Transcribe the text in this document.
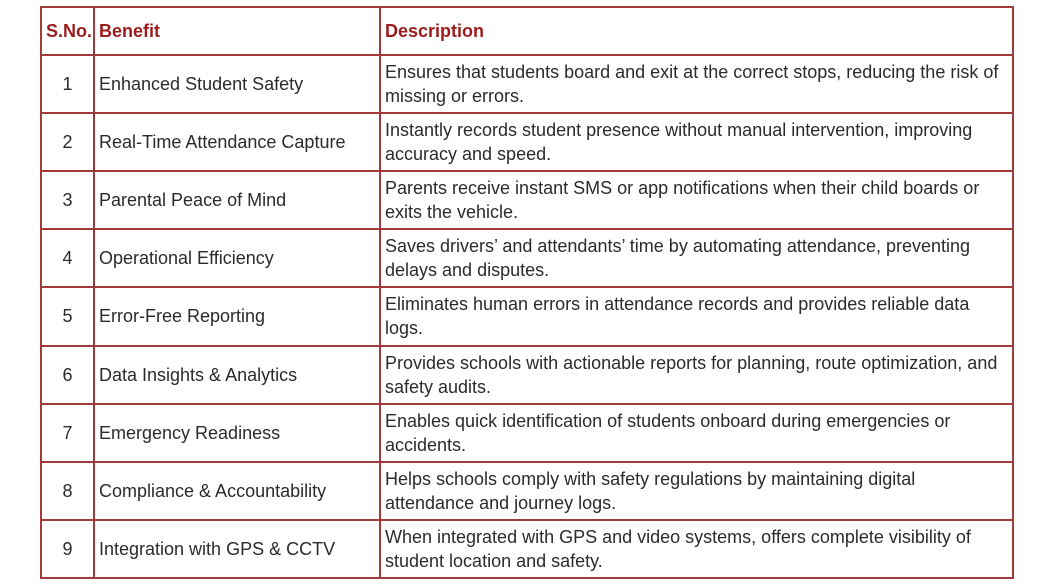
S.No.	Benefit	Description
1	Enhanced Student Safety	Ensures that students board and exit at the correct stops, reducing the risk of missing or errors.
2	Real-Time Attendance Capture	Instantly records student presence without manual intervention, improving accuracy and speed.
3	Parental Peace of Mind	Parents receive instant SMS or app notifications when their child boards or exits the vehicle.
4	Operational Efficiency	Saves drivers’ and attendants’ time by automating attendance, preventing delays and disputes.
5	Error-Free Reporting	Eliminates human errors in attendance records and provides reliable data logs.
6	Data Insights & Analytics	Provides schools with actionable reports for planning, route optimization, and safety audits.
7	Emergency Readiness	Enables quick identification of students onboard during emergencies or accidents.
8	Compliance & Accountability	Helps schools comply with safety regulations by maintaining digital attendance and journey logs.
9	Integration with GPS & CCTV	When integrated with GPS and video systems, offers complete visibility of student location and safety.
